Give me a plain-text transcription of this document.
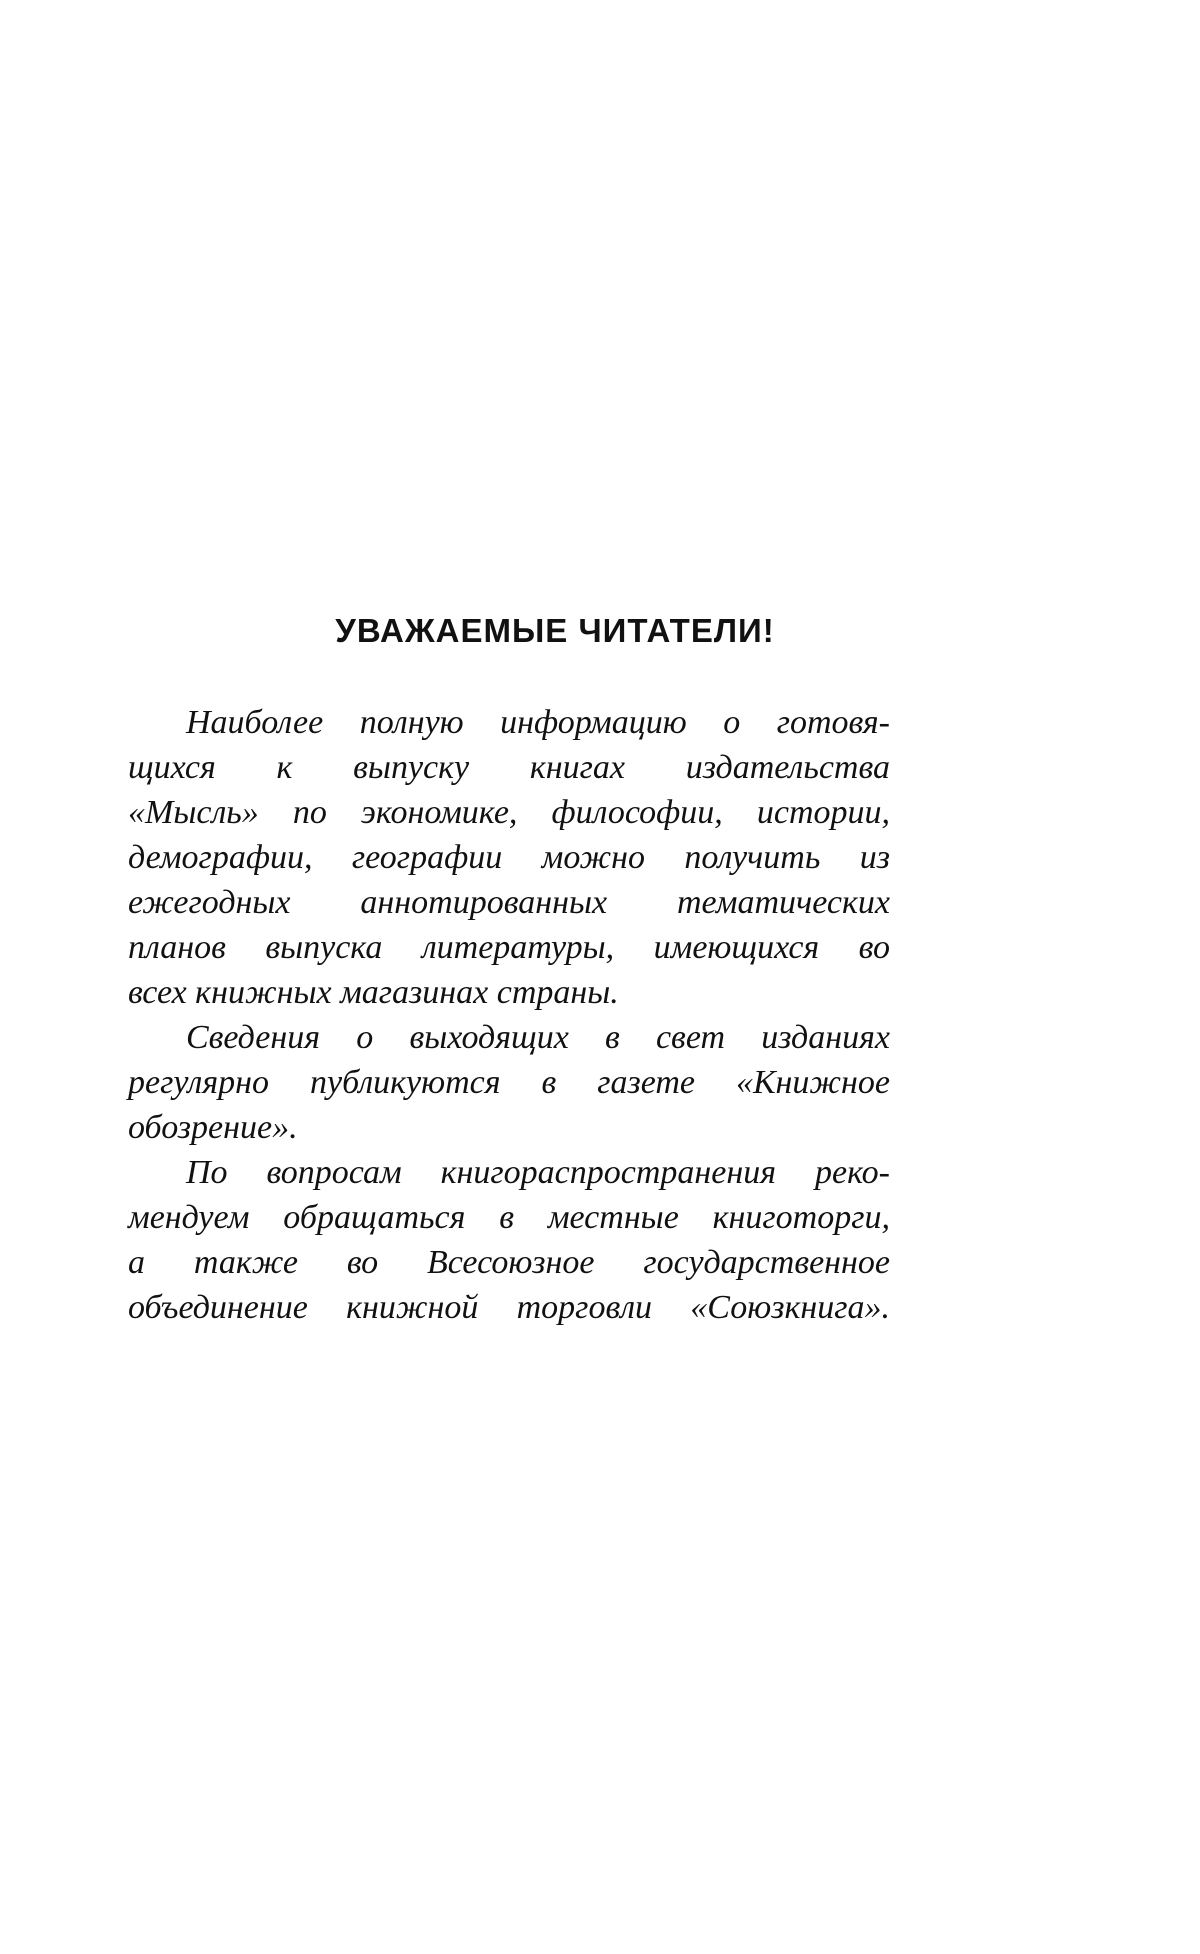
УВАЖАЕМЫЕ ЧИТАТЕЛИ!

Наиболее полную информацию о готовя-
щихся к выпуску книгах издательства
«Мысль» по экономике, философии, истории,
демографии, географии можно получить из
ежегодных аннотированных тематических
планов выпуска литературы, имеющихся во
всех книжных магазинах страны.

Сведения о выходящих в свет изданиях
регулярно публикуются в газете «Книжное
обозрение».

По вопросам книгораспространения реко-
мендуем обращаться в местные книготорги,
а также во Всесоюзное государственное
объединение книжной торговли «Союзкнига».
